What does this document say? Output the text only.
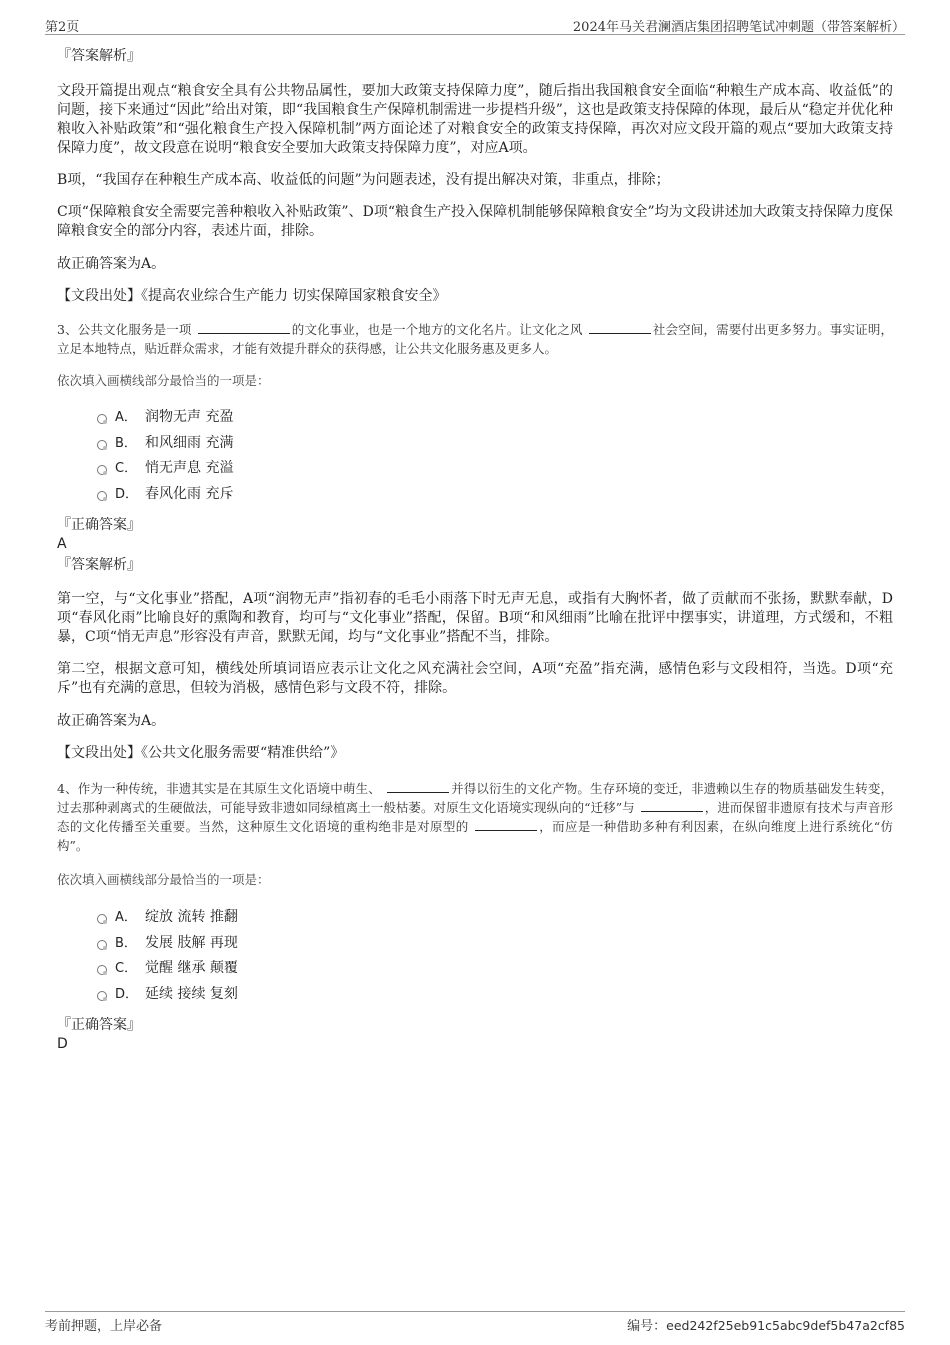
第2页	2024年马关君澜酒店集团招聘笔试冲刺题（带答案解析）

『答案解析』

文段开篇提出观点“粮食安全具有公共物品属性，要加大政策支持保障力度”，随后指出我国粮食安全面临“种粮生产成本高、收益低”的问题，接下来通过“因此”给出对策，即“我国粮食生产保障机制需进一步提档升级”，这也是政策支持保障的体现，最后从“稳定并优化种粮收入补贴政策”和“强化粮食生产投入保障机制”两方面论述了对粮食安全的政策支持保障，再次对应文段开篇的观点“要加大政策支持保障力度”，故文段意在说明“粮食安全要加大政策支持保障力度”，对应A项。

B项，“我国存在种粮生产成本高、收益低的问题”为问题表述，没有提出解决对策，非重点，排除；

C项“保障粮食安全需要完善种粮收入补贴政策”、D项“粮食生产投入保障机制能够保障粮食安全”均为文段讲述加大政策支持保障力度保障粮食安全的部分内容，表述片面，排除。

故正确答案为A。

【文段出处】《提高农业综合生产能力 切实保障国家粮食安全》

3、公共文化服务是一项	的文化事业，也是一个地方的文化名片。让文化之风	社会空间，需要付出更多努力。事实证明，立足本地特点，贴近群众需求，才能有效提升群众的获得感，让公共文化服务惠及更多人。

依次填入画横线部分最恰当的一项是：

A． 润物无声 充盈
B． 和风细雨 充满
C． 悄无声息 充溢
D． 春风化雨 充斥

『正确答案』

A

『答案解析』

第一空，与“文化事业”搭配，A项“润物无声”指初春的毛毛小雨落下时无声无息，或指有大胸怀者，做了贡献而不张扬，默默奉献，D项“春风化雨”比喻良好的熏陶和教育，均可与“文化事业”搭配，保留。B项“和风细雨”比喻在批评中摆事实，讲道理，方式缓和，不粗暴，C项“悄无声息”形容没有声音，默默无闻，均与“文化事业”搭配不当，排除。

第二空，根据文意可知，横线处所填词语应表示让文化之风充满社会空间，A项“充盈”指充满，感情色彩与文段相符，当选。D项“充斥”也有充满的意思，但较为消极，感情色彩与文段不符，排除。

故正确答案为A。

【文段出处】《公共文化服务需要“精准供给”》

4、作为一种传统，非遗其实是在其原生文化语境中萌生、	并得以衍生的文化产物。生存环境的变迁，非遗赖以生存的物质基础发生转变，过去那种剥离式的生硬做法，可能导致非遗如同绿植离土一般枯萎。对原生文化语境实现纵向的“迁移”与	，进而保留非遗原有技术与声音形态的文化传播至关重要。当然，这种原生文化语境的重构绝非是对原型的	，而应是一种借助多种有利因素，在纵向维度上进行系统化“仿构”。

依次填入画横线部分最恰当的一项是：

A． 绽放 流转 推翻
B． 发展 肢解 再现
C． 觉醒 继承 颠覆
D． 延续 接续 复刻

『正确答案』

D

考前押题，上岸必备	编号：eed242f25eb91c5abc9def5b47a2cf85
